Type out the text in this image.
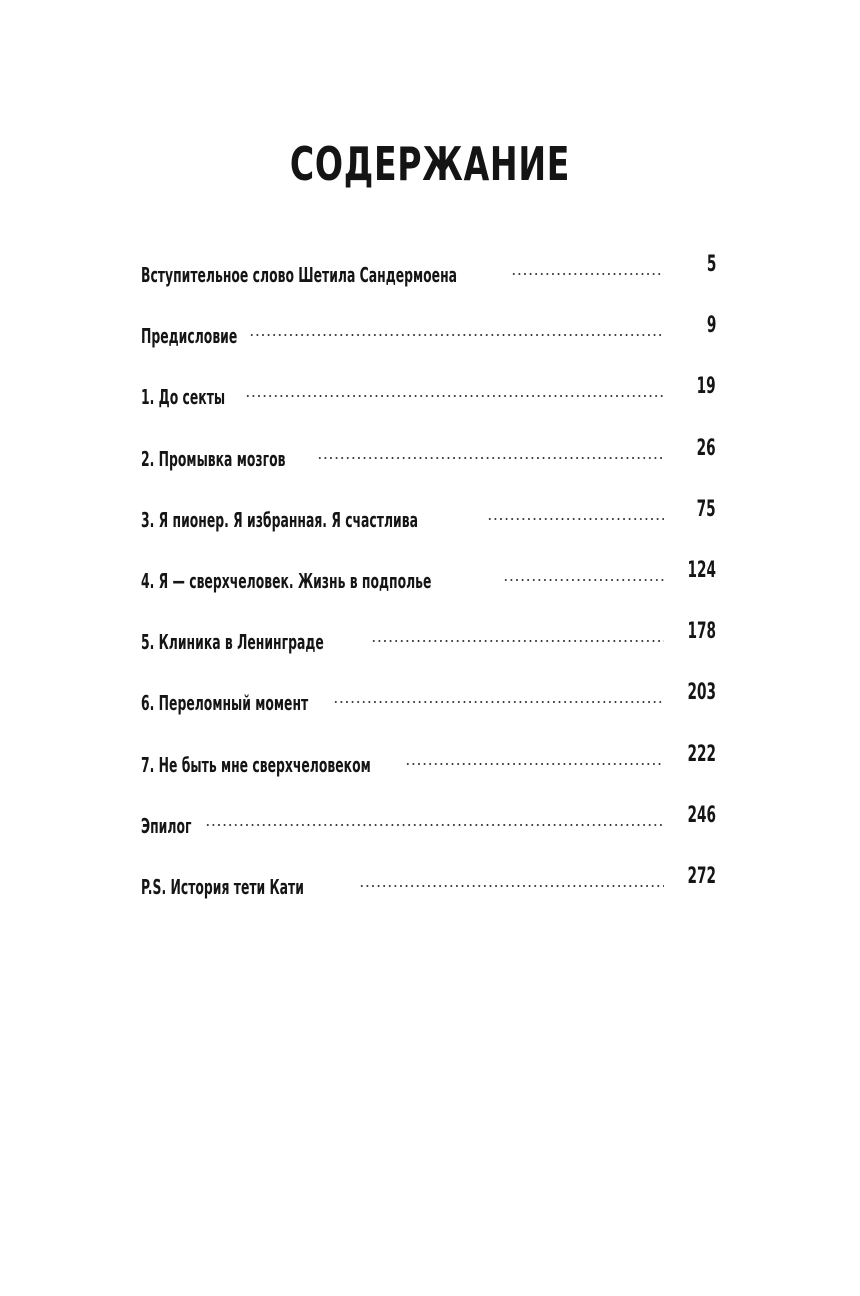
СОДЕРЖАНИЕ
Вступительное слово Шетила Сандермоена	5
Предисловие	9
1. До секты	19
2. Промывка мозгов	26
3. Я пионер. Я избранная. Я счастлива	75
4. Я — сверхчеловек. Жизнь в подполье	124
5. Клиника в Ленинграде	178
6. Переломный момент	203
7. Не быть мне сверхчеловеком	222
Эпилог	246
P.S. История тети Кати	272
